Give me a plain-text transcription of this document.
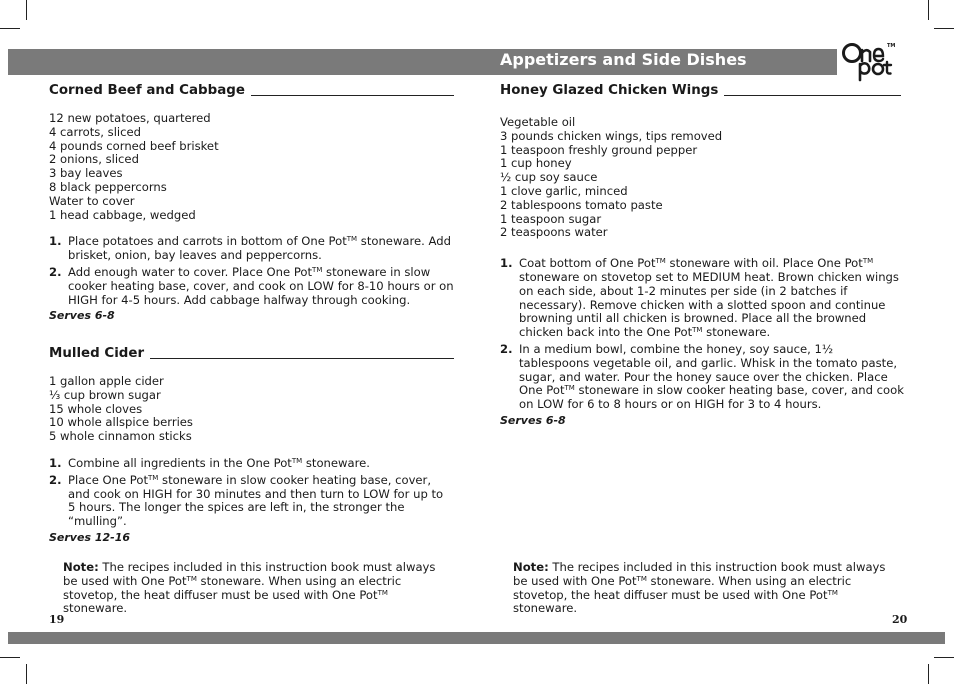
Appetizers and Side Dishes
TM
Corned Beef and Cabbage
12 new potatoes, quartered
4 carrots, sliced
4 pounds corned beef brisket
2 onions, sliced
3 bay leaves
8 black peppercorns
Water to cover
1 head cabbage, wedged
1. Place potatoes and carrots in bottom of One Pot™ stoneware. Add brisket, onion, bay leaves and peppercorns.
2. Add enough water to cover. Place One Pot™ stoneware in slow cooker heating base, cover, and cook on LOW for 8-10 hours or on HIGH for 4-5 hours. Add cabbage halfway through cooking.
Serves 6-8
Mulled Cider
1 gallon apple cider
⅓ cup brown sugar
15 whole cloves
10 whole allspice berries
5 whole cinnamon sticks
1. Combine all ingredients in the One Pot™ stoneware.
2. Place One Pot™ stoneware in slow cooker heating base, cover, and cook on HIGH for 30 minutes and then turn to LOW for up to 5 hours. The longer the spices are left in, the stronger the “mulling”.
Serves 12-16
Honey Glazed Chicken Wings
Vegetable oil
3 pounds chicken wings, tips removed
1 teaspoon freshly ground pepper
1 cup honey
½ cup soy sauce
1 clove garlic, minced
2 tablespoons tomato paste
1 teaspoon sugar
2 teaspoons water
1. Coat bottom of One Pot™ stoneware with oil. Place One Pot™ stoneware on stovetop set to MEDIUM heat. Brown chicken wings on each side, about 1-2 minutes per side (in 2 batches if necessary). Remove chicken with a slotted spoon and continue browning until all chicken is browned. Place all the browned chicken back into the One Pot™ stoneware.
2. In a medium bowl, combine the honey, soy sauce, 1½ tablespoons vegetable oil, and garlic. Whisk in the tomato paste, sugar, and water. Pour the honey sauce over the chicken. Place One Pot™ stoneware in slow cooker heating base, cover, and cook on LOW for 6 to 8 hours or on HIGH for 3 to 4 hours.
Serves 6-8
Note: The recipes included in this instruction book must always be used with One Pot™ stoneware. When using an electric stovetop, the heat diffuser must be used with One Pot™ stoneware.
Note: The recipes included in this instruction book must always be used with One Pot™ stoneware. When using an electric stovetop, the heat diffuser must be used with One Pot™ stoneware.
19	20
